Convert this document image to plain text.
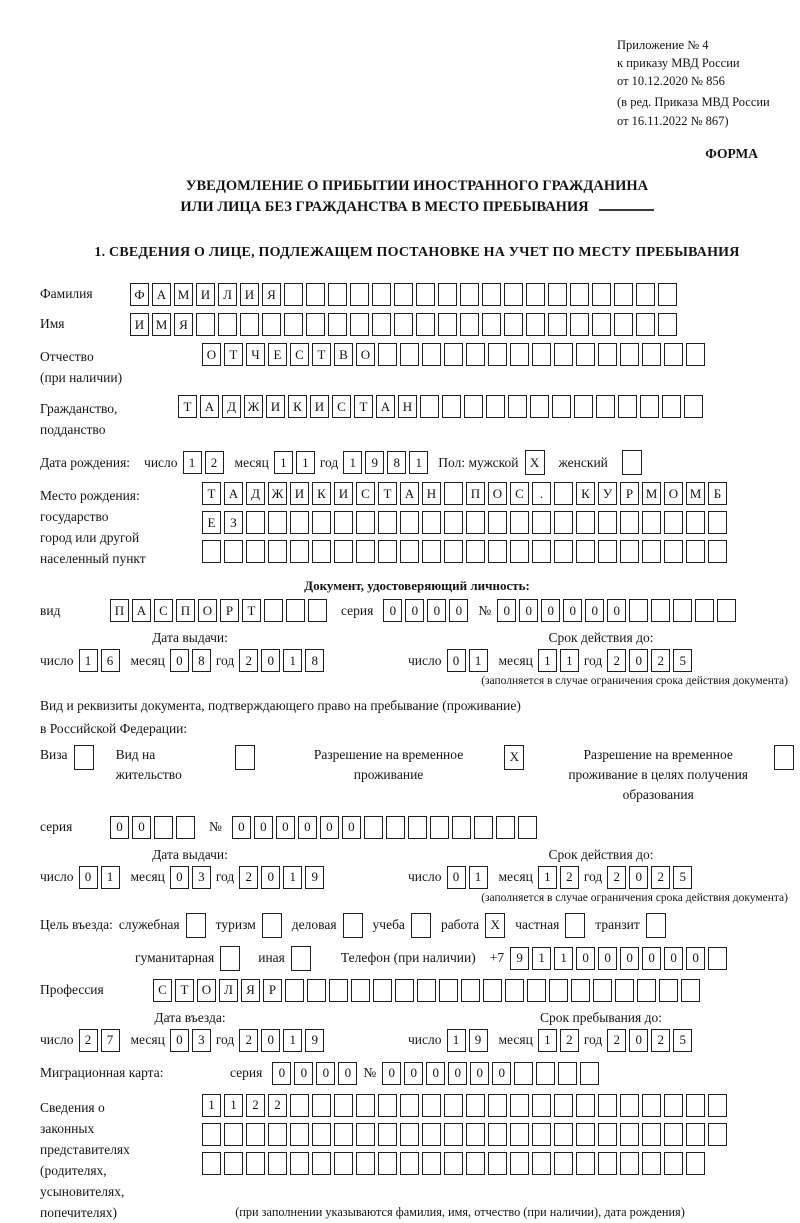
Приложение № 4
к приказу МВД России
от 10.12.2020 № 856
(в ред. Приказа МВД России
от 16.11.2022 № 867)
ФОРМА
УВЕДОМЛЕНИЕ О ПРИБЫТИИ ИНОСТРАННОГО ГРАЖДАНИНА
ИЛИ ЛИЦА БЕЗ ГРАЖДАНСТВА В МЕСТО ПРЕБЫВАНИЯ
1. СВЕДЕНИЯ О ЛИЦЕ, ПОДЛЕЖАЩЕМ ПОСТАНОВКЕ НА УЧЕТ ПО МЕСТУ ПРЕБЫВАНИЯ
Фамилия	Ф А М И Л И Я
Имя	И М Я
Отчество
(при наличии)
О	Т	Ч	Е	С	Т	В О
Гражданство,
подданство
Т	А Д Ж И К И С	Т	А Н
Дата рождения: число 1	2	месяц 1	1 год 1	9	8	1	Пол: мужской X	женский
Место рождения:
государство
город или другой
населенный пункт
Т	А Д Ж И К И С	Т	А Н	П О С	.	К	У	Р М О М Б
Е	З
Документ, удостоверяющий личность:
вид	П А С П О	Р	Т	серия	0	0	0	0	№ 0	0	0	0	0	0
Дата выдачи:
число 1	6	месяц 0	8 год 2	0	1	8
Срок действия до:
число 0	1	месяц 1	1 год 2	0	2	5
(заполняется в случае ограничения срока действия документа)
Вид и реквизиты документа, подтверждающего право на пребывание (проживание)
в Российской Федерации:
Виза	Вид на жительство
Разрешение на временное проживание
X	Разрешение на временное проживание в целях получения образования
серия	0	0	№	0	0	0	0	0	0
Дата выдачи:
число 0	1	месяц 0	3 год 2	0	1	9
Срок действия до:
число 0	1	месяц 1	2 год 2	0	2	5
(заполняется в случае ограничения срока действия документа)
Цель въезда: служебная	туризм	деловая	учеба	работа X	частная	транзит
гуманитарная	иная	Телефон (при наличии) +7 9	1	1	0	0	0	0	0	0
Профессия	С	Т	О Л	Я	Р
Дата въезда:
число 2	7	месяц 0	3 год 2	0	1	9
Срок пребывания до:
число 1	9	месяц 1	2 год 2	0	2	5
Миграционная карта:	серия	0	0	0	0 № 0	0	0	0	0	0
Сведения о
законных
представителях
(родителях,
усыновителях,
попечителях)
1	1	2	2
(при заполнении указываются фамилия, имя, отчество (при наличии), дата рождения)
